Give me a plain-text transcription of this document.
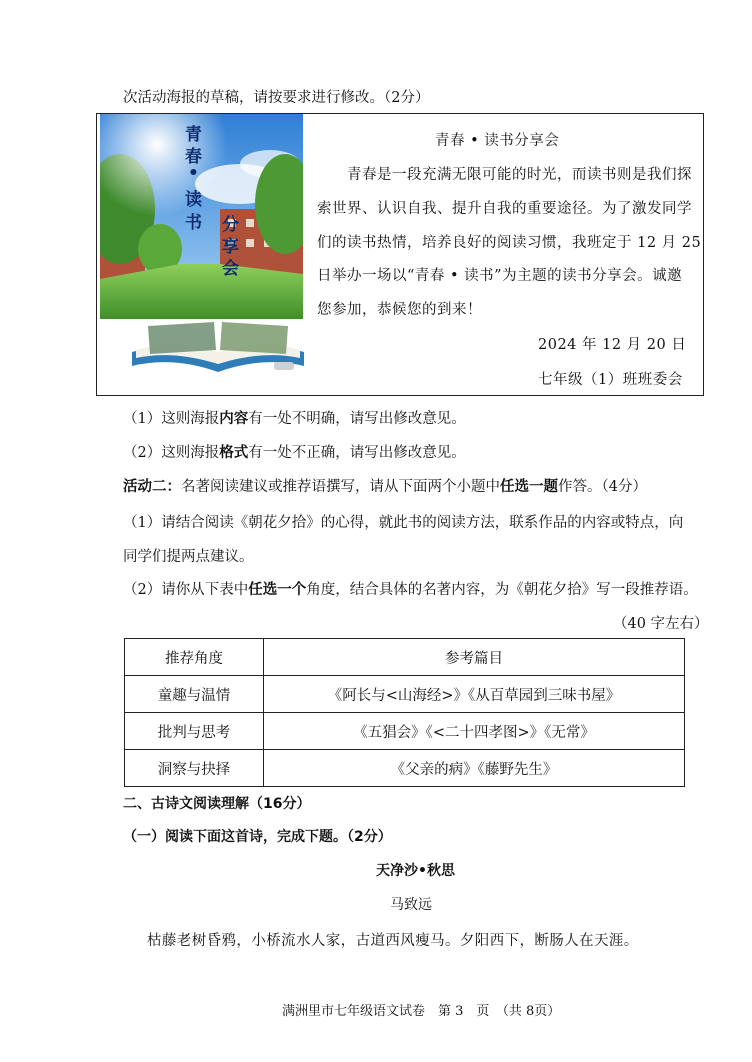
次活动海报的草稿，请按要求进行修改。（2分）
青
春
•
读
书 分
享
会
青春 • 读书分享会
青春是一段充满无限可能的时光，而读书则是我们探
索世界、认识自我、提升自我的重要途径。为了激发同学
们的读书热情，培养良好的阅读习惯，我班定于 12 月 25
日举办一场以“青春 • 读书”为主题的读书分享会。诚邀
您参加，恭候您的到来！
2024 年 12 月 20 日
七年级（1）班班委会
（1）这则海报内容有一处不明确，请写出修改意见。
（2）这则海报格式有一处不正确，请写出修改意见。
活动二：名著阅读建议或推荐语撰写，请从下面两个小题中任选一题作答。（4分）
（1）请结合阅读《朝花夕拾》的心得，就此书的阅读方法，联系作品的内容或特点，向
同学们提两点建议。
（2）请你从下表中任选一个角度，结合具体的名著内容，为《朝花夕拾》写一段推荐语。
（40 字左右）
推荐角度	参考篇目
童趣与温情	《阿长与<山海经>》《从百草园到三味书屋》
批判与思考	《五猖会》《<二十四孝图>》《无常》
洞察与抉择	《父亲的病》《藤野先生》
二、古诗文阅读理解（16分）
（一）阅读下面这首诗，完成下题。（2分）
天净沙•秋思
马致远
枯藤老树昏鸦，小桥流水人家，古道西风瘦马。夕阳西下，断肠人在天涯。
满洲里市七年级语文试卷　第 3　页　（共 8页）
